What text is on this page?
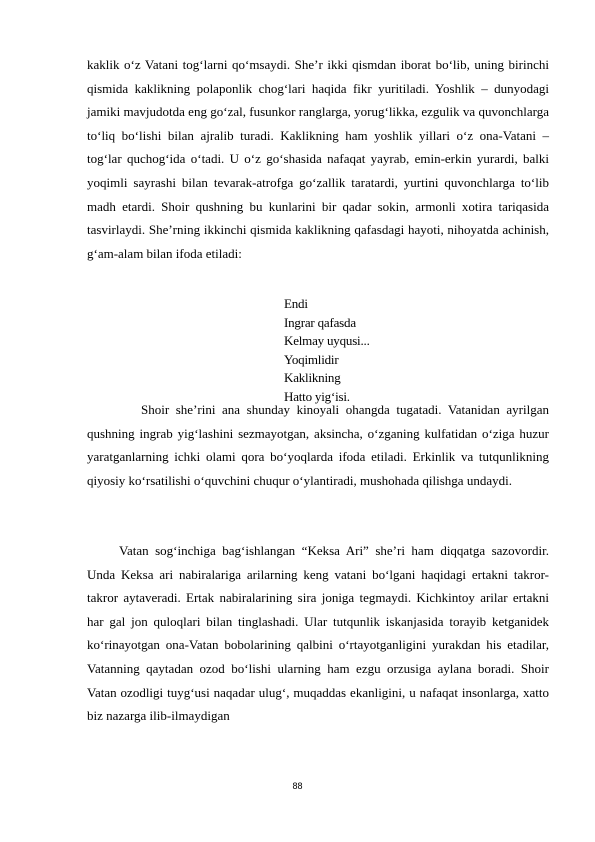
kaklik o‘z Vatani tog‘larni qo‘msaydi. She’r ikki qismdan iborat bo‘lib, uning birinchi qismida kaklikning polaponlik chog‘lari haqida fikr yuritiladi. Yoshlik – dunyodagi jamiki mavjudotda eng go‘zal, fusunkor ranglarga, yorug‘likka, ezgulik va quvonchlarga to‘liq bo‘lishi bilan ajralib turadi. Kaklikning ham yoshlik yillari o‘z ona-Vatani – tog‘lar quchog‘ida o‘tadi. U o‘z go‘shasida nafaqat yayrab, emin-erkin yurardi, balki yoqimli sayrashi bilan tevarak-atrofga go‘zallik taratardi, yurtini quvonchlarga to‘lib madh etardi. Shoir qushning bu kunlarini bir qadar sokin, armonli xotira tariqasida tasvirlaydi. She’rning ikkinchi qismida kaklikning qafasdagi hayoti, nihoyatda achinish, g‘am-alam bilan ifoda etiladi:

Endi
Ingrar qafasda
Kelmay uyqusi...
Yoqimlidir
Kaklikning
Hatto yig‘isi.

Shoir she’rini ana shunday kinoyali ohangda tugatadi. Vatanidan ayrilgan qushning ingrab yig‘lashini sezmayotgan, aksincha, o‘zganing kulfatidan o‘ziga huzur yaratganlarning ichki olami qora bo‘yoqlarda ifoda etiladi. Erkinlik va tutqunlikning qiyosiy ko‘rsatilishi o‘quvchini chuqur o‘ylantiradi, mushohada qilishga undaydi.

Vatan sog‘inchiga bag‘ishlangan “Keksa Ari” she’ri ham diqqatga sazovordir. Unda Keksa ari nabiralariga arilarning keng vatani bo‘lgani haqidagi ertakni takror-takror aytaveradi. Ertak nabiralarining sira joniga tegmaydi. Kichkintoy arilar ertakni har gal jon quloqlari bilan tinglashadi. Ular tutqunlik iskanjasida torayib ketganidek ko‘rinayotgan ona-Vatan bobolarining qalbini o‘rtayotganligini yurakdan his etadilar, Vatanning qaytadan ozod bo‘lishi ularning ham ezgu orzusiga aylana boradi. Shoir Vatan ozodligi tuyg‘usi naqadar ulug‘, muqaddas ekanligini, u nafaqat insonlarga, xatto biz nazarga ilib-ilmaydigan

88
